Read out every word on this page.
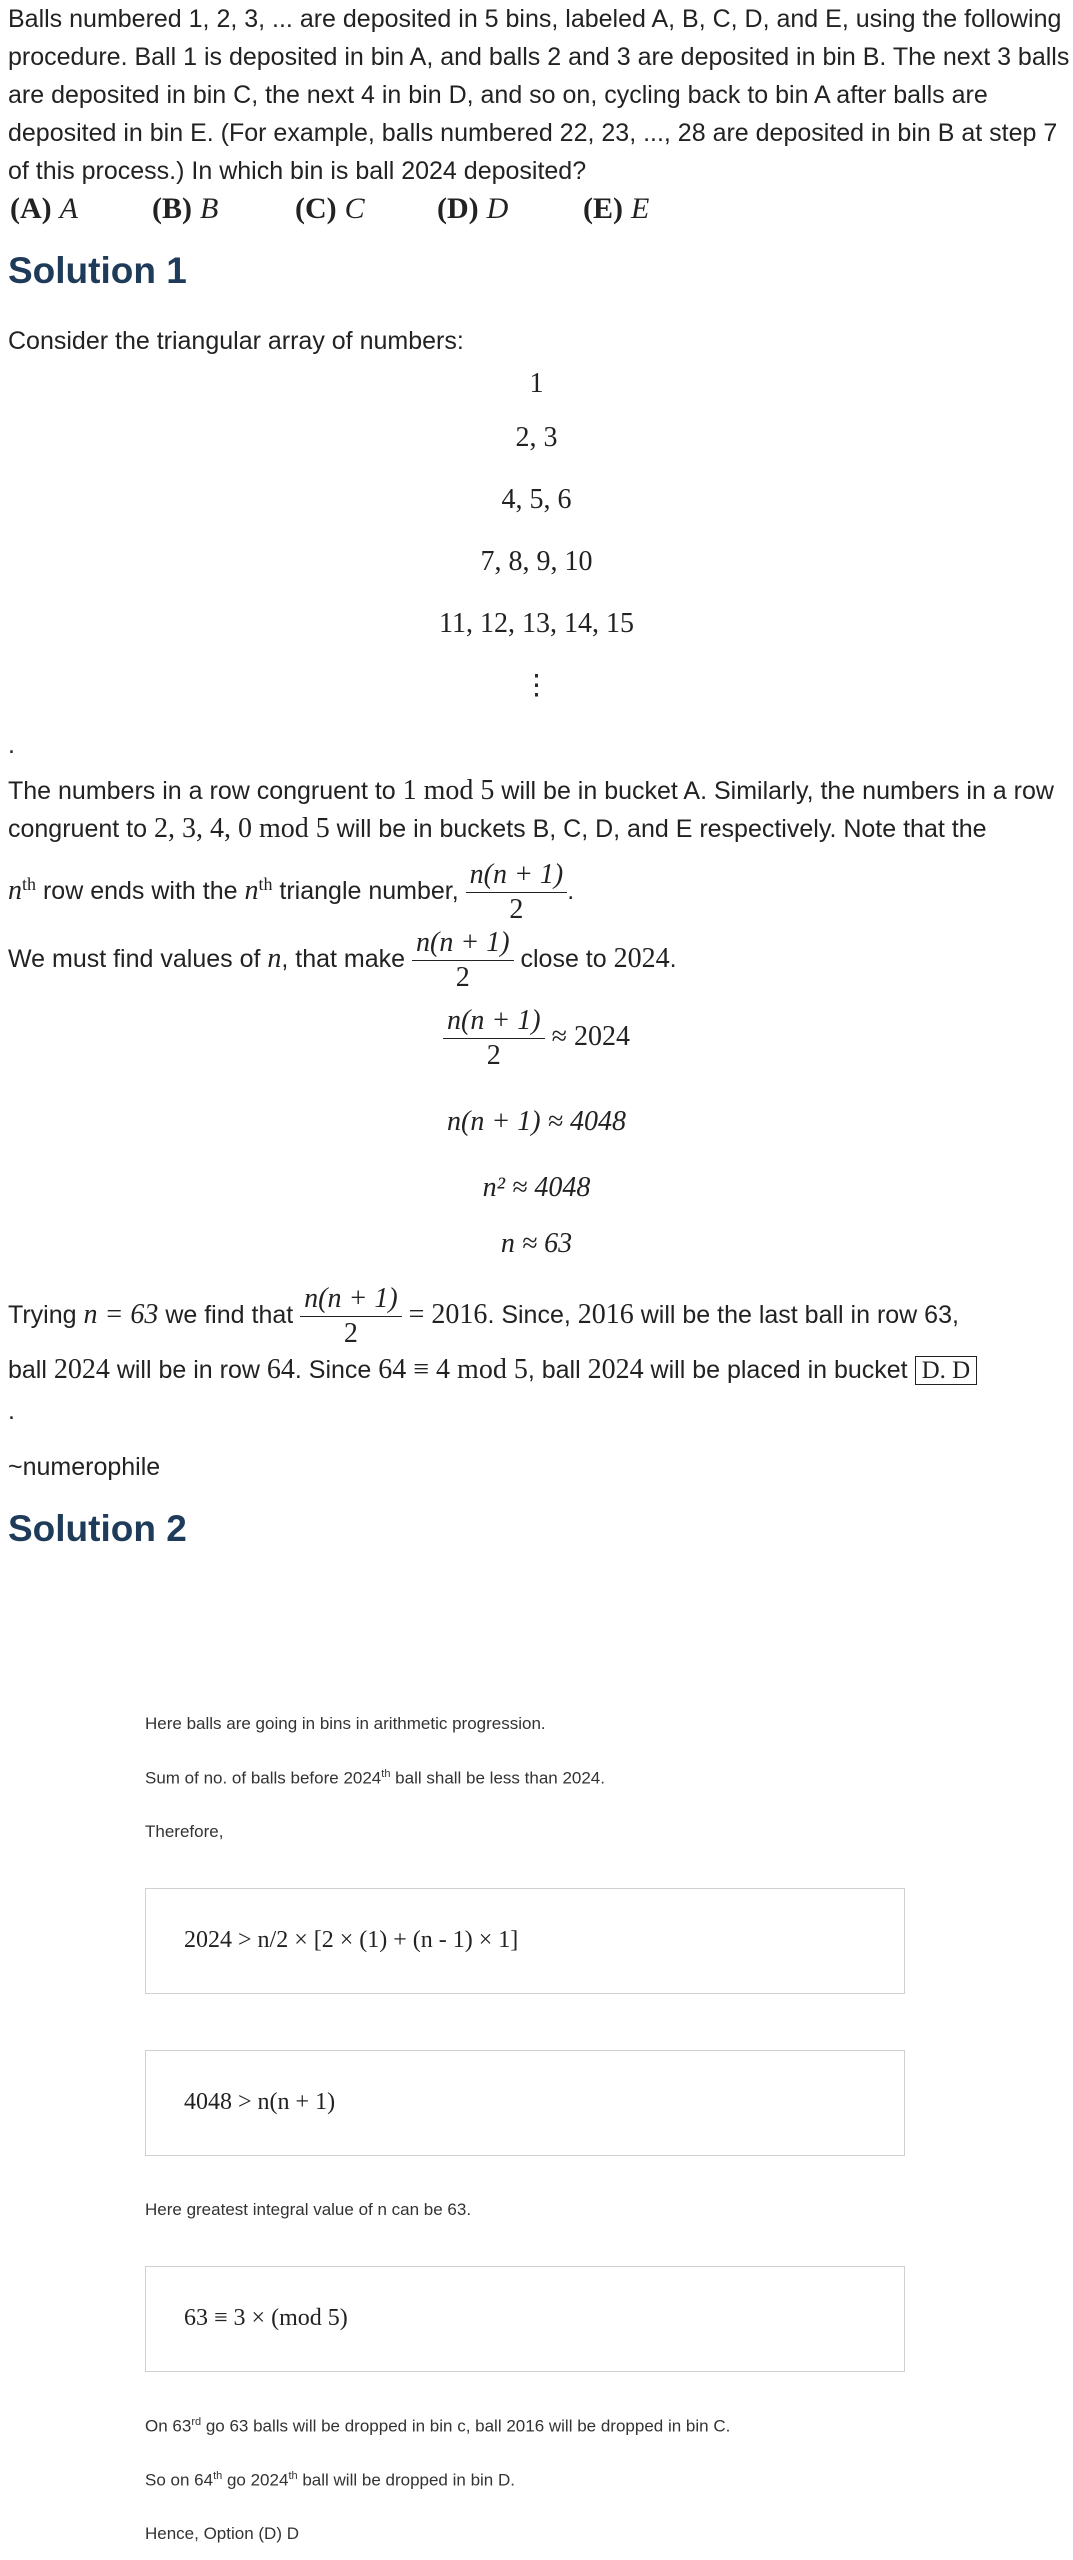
Balls numbered 1, 2, 3, ... are deposited in 5 bins, labeled A, B, C, D, and E, using the following procedure. Ball 1 is deposited in bin A, and balls 2 and 3 are deposited in bin B. The next 3 balls are deposited in bin C, the next 4 in bin D, and so on, cycling back to bin A after balls are deposited in bin E. (For example, balls numbered 22, 23, ..., 28 are deposited in bin B at step 7 of this process.) In which bin is ball 2024 deposited?
(A) A (B) B	(C) C (D) D (E) E
Solution 1
Consider the triangular array of numbers:
1
2, 3
4, 5, 6
7, 8, 9, 10
11, 12, 13, 14, 15
⋮
.
The numbers in a row congruent to 1 mod 5 will be in bucket A. Similarly, the numbers in a row congruent to 2, 3, 4, 0 mod 5 will be in buckets B, C, D, and E respectively. Note that the
$n^{th}$ row ends with the $n^{th}$ triangle number, $\frac{n(n + 1)}{2}$ .
We must find values of n, that make $\frac{n(n + 1)}{2}$ close to 2024.
$\frac{n(n + 1)}{2} \approx 2024$
n(n + 1) ≈ 4048
n² ≈ 4048
n ≈ 63
Trying n = 63 we find that $\frac{n(n + 1)}{2} = 2016$. Since, 2016 will be the last ball in row 63,
ball 2024 will be in row 64. Since 64 ≡ 4 mod 5, ball 2024 will be placed in bucket D. D
.
~numerophile
Solution 2
Here balls are going in bins in arithmetic progression.
Sum of no. of balls before 2024th ball shall be less than 2024.
Therefore,
2024 > n/2 × [2 × (1) + (n - 1) × 1]
4048 > n(n + 1)
Here greatest integral value of n can be 63.
63 ≡ 3 × (mod 5)
On 63rd go 63 balls will be dropped in bin c, ball 2016 will be dropped in bin C.
So on 64th go 2024th ball will be dropped in bin D.
Hence, Option (D) D
